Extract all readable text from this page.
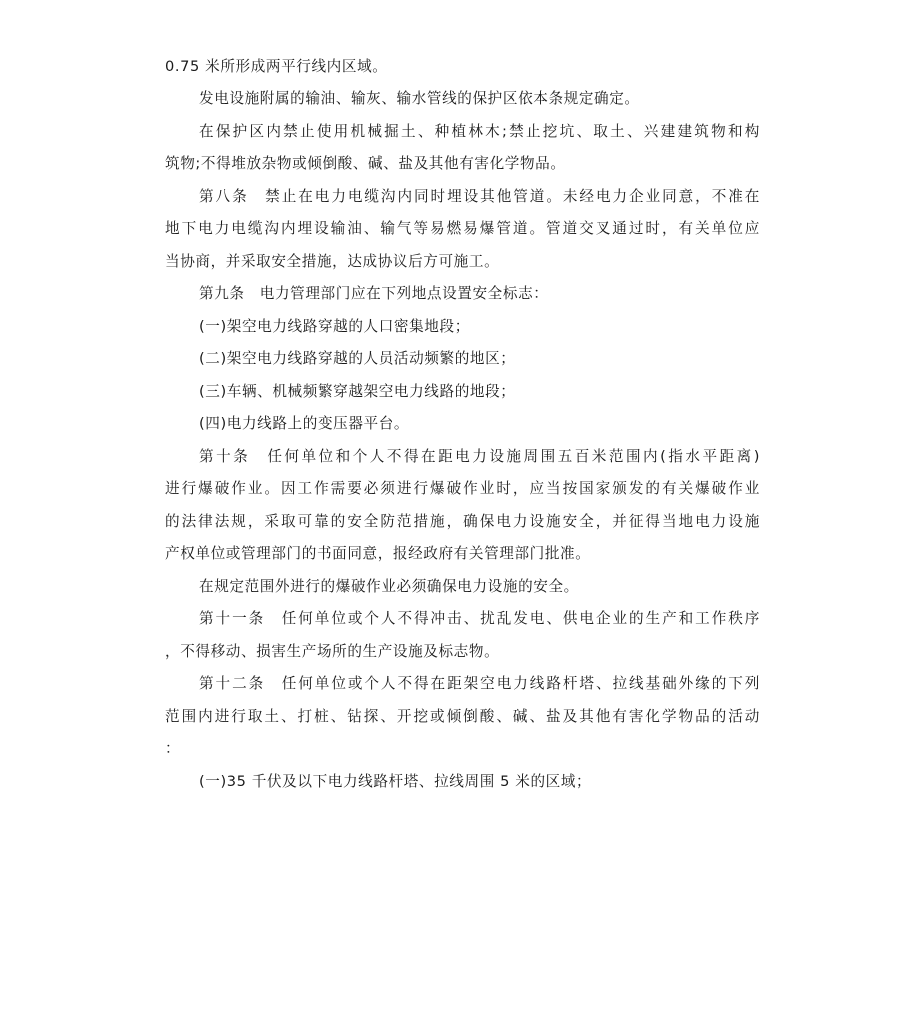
0.75 米所形成两平行线内区域。
发电设施附属的输油、输灰、输水管线的保护区依本条规定确定。
在保护区内禁止使用机械掘土、种植林木;禁止挖坑、取土、兴建建筑物和构
筑物;不得堆放杂物或倾倒酸、碱、盐及其他有害化学物品。
第八条　禁止在电力电缆沟内同时埋设其他管道。未经电力企业同意，不准在
地下电力电缆沟内埋设输油、输气等易燃易爆管道。管道交叉通过时，有关单位应
当协商，并采取安全措施，达成协议后方可施工。
第九条　电力管理部门应在下列地点设置安全标志：
(一)架空电力线路穿越的人口密集地段；
(二)架空电力线路穿越的人员活动频繁的地区；
(三)车辆、机械频繁穿越架空电力线路的地段；
(四)电力线路上的变压器平台。
第十条　任何单位和个人不得在距电力设施周围五百米范围内(指水平距离)
进行爆破作业。因工作需要必须进行爆破作业时，应当按国家颁发的有关爆破作业
的法律法规，采取可靠的安全防范措施，确保电力设施安全，并征得当地电力设施
产权单位或管理部门的书面同意，报经政府有关管理部门批准。
在规定范围外进行的爆破作业必须确保电力设施的安全。
第十一条　任何单位或个人不得冲击、扰乱发电、供电企业的生产和工作秩序
，不得移动、损害生产场所的生产设施及标志物。
第十二条　任何单位或个人不得在距架空电力线路杆塔、拉线基础外缘的下列
范围内进行取土、打桩、钻探、开挖或倾倒酸、碱、盐及其他有害化学物品的活动
：
(一)35 千伏及以下电力线路杆塔、拉线周围 5 米的区域；
